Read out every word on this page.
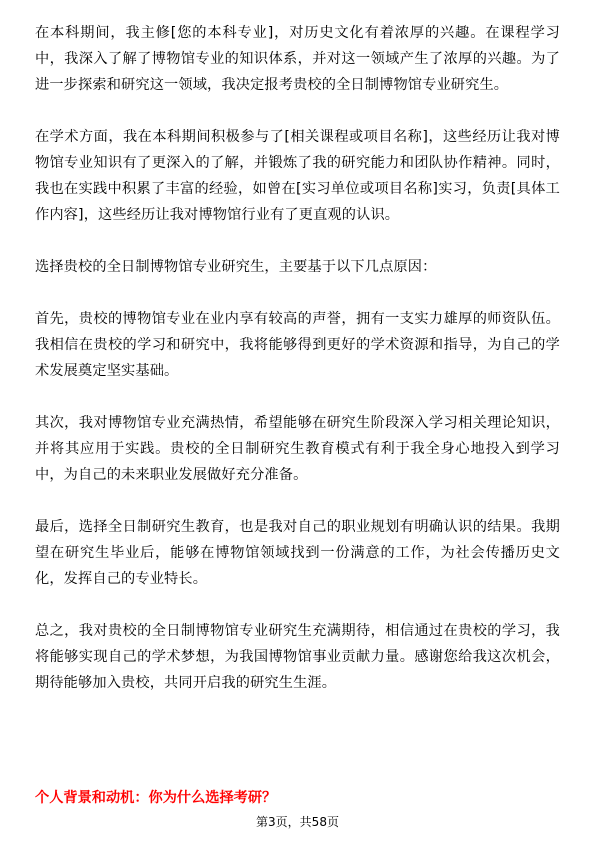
在本科期间，我主修[您的本科专业]，对历史文化有着浓厚的兴趣。在课程学习中，我深入了解了博物馆专业的知识体系，并对这一领域产生了浓厚的兴趣。为了进一步探索和研究这一领域，我决定报考贵校的全日制博物馆专业研究生。

在学术方面，我在本科期间积极参与了[相关课程或项目名称]，这些经历让我对博物馆专业知识有了更深入的了解，并锻炼了我的研究能力和团队协作精神。同时，我也在实践中积累了丰富的经验，如曾在[实习单位或项目名称]实习，负责[具体工作内容]，这些经历让我对博物馆行业有了更直观的认识。

选择贵校的全日制博物馆专业研究生，主要基于以下几点原因：

首先，贵校的博物馆专业在业内享有较高的声誉，拥有一支实力雄厚的师资队伍。我相信在贵校的学习和研究中，我将能够得到更好的学术资源和指导，为自己的学术发展奠定坚实基础。

其次，我对博物馆专业充满热情，希望能够在研究生阶段深入学习相关理论知识，并将其应用于实践。贵校的全日制研究生教育模式有利于我全身心地投入到学习中，为自己的未来职业发展做好充分准备。

最后，选择全日制研究生教育，也是我对自己的职业规划有明确认识的结果。我期望在研究生毕业后，能够在博物馆领域找到一份满意的工作，为社会传播历史文化，发挥自己的专业特长。

总之，我对贵校的全日制博物馆专业研究生充满期待，相信通过在贵校的学习，我将能够实现自己的学术梦想，为我国博物馆事业贡献力量。感谢您给我这次机会，期待能够加入贵校，共同开启我的研究生生涯。

个人背景和动机：你为什么选择考研？

第3页，共58页
